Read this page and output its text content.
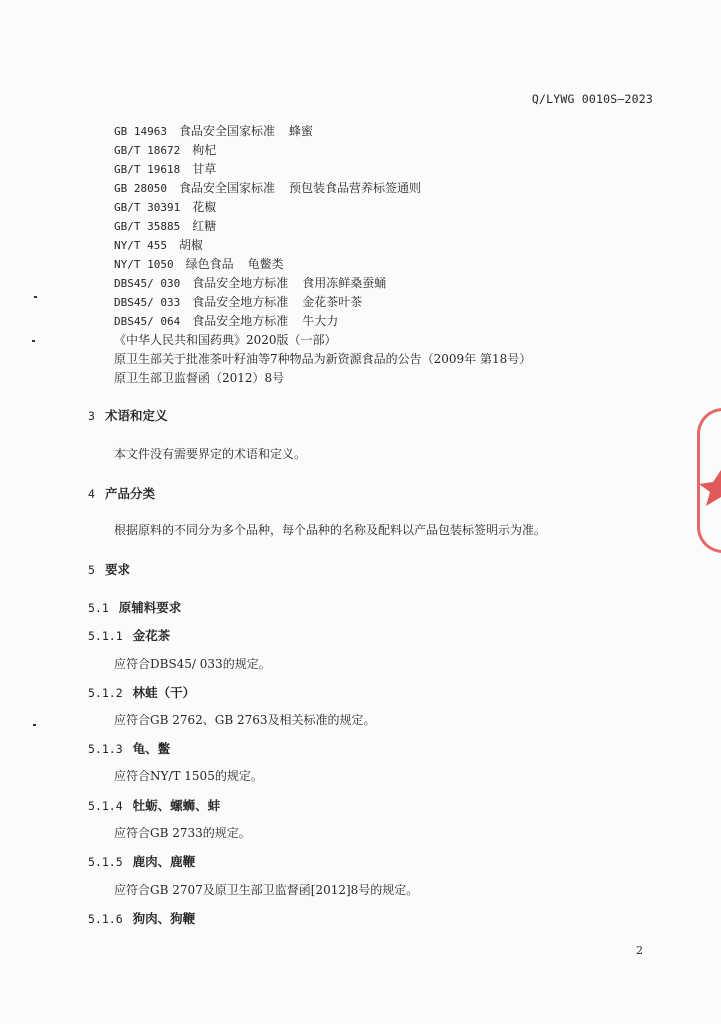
Q/LYWG 0010S—2023
GB 14963 食品安全国家标准 蜂蜜
GB/T 18672 枸杞
GB/T 19618 甘草
GB 28050 食品安全国家标准 预包装食品营养标签通则
GB/T 30391 花椒
GB/T 35885 红糖
NY/T 455 胡椒
NY/T 1050 绿色食品 龟鳖类
DBS45/ 030 食品安全地方标准 食用冻鲜桑蚕蛹
DBS45/ 033 食品安全地方标准 金花茶叶茶
DBS45/ 064 食品安全地方标准 牛大力
《中华人民共和国药典》2020版（一部）
原卫生部关于批准茶叶籽油等7种物品为新资源食品的公告（2009年 第18号）
原卫生部卫监督函（2012）8号
3 术语和定义
本文件没有需要界定的术语和定义。
4 产品分类
根据原料的不同分为多个品种，每个品种的名称及配料以产品包装标签明示为准。
5 要求
5.1 原辅料要求
5.1.1 金花茶
应符合DBS45/ 033的规定。
5.1.2 林蛙（干）
应符合GB 2762、GB 2763及相关标准的规定。
5.1.3 龟、鳖
应符合NY/T 1505的规定。
5.1.4 牡蛎、螺蛳、蚌
应符合GB 2733的规定。
5.1.5 鹿肉、鹿鞭
应符合GB 2707及原卫生部卫监督函[2012]8号的规定。
5.1.6 狗肉、狗鞭
2
